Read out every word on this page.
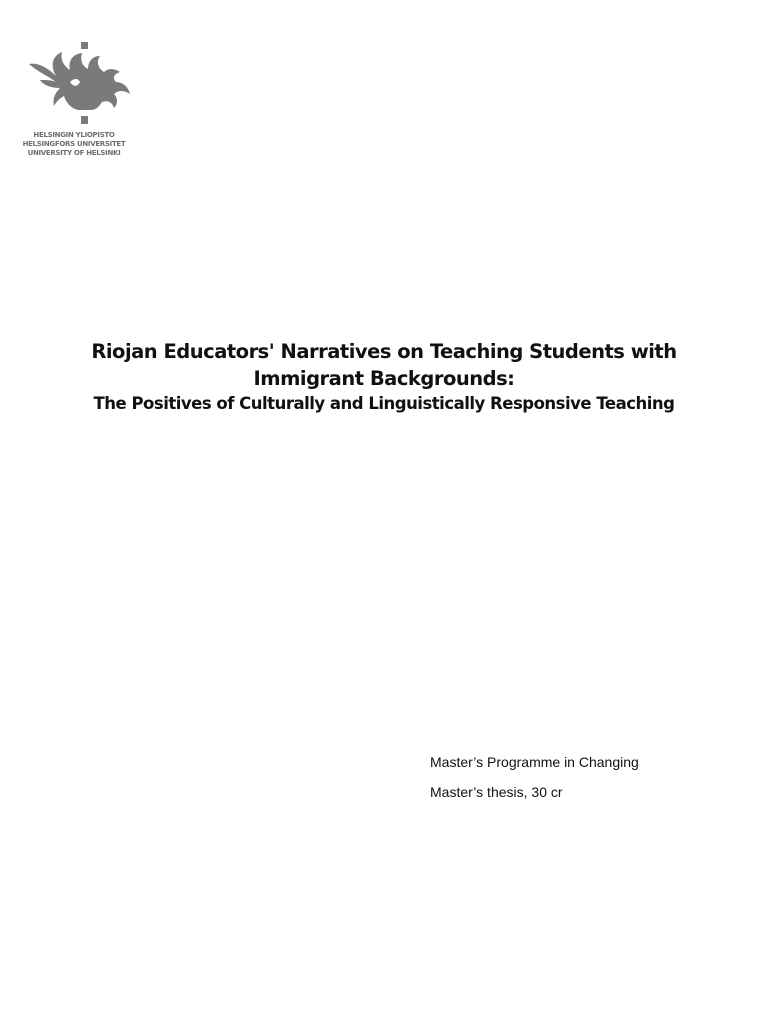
HELSINGIN YLIOPISTO
HELSINGFORS UNIVERSITET
UNIVERSITY OF HELSINKI

Riojan Educators' Narratives on Teaching Students with

Immigrant Backgrounds:

The Positives of Culturally and Linguistically Responsive Teaching

Master’s Programme in Changing
Master’s thesis, 30 cr
